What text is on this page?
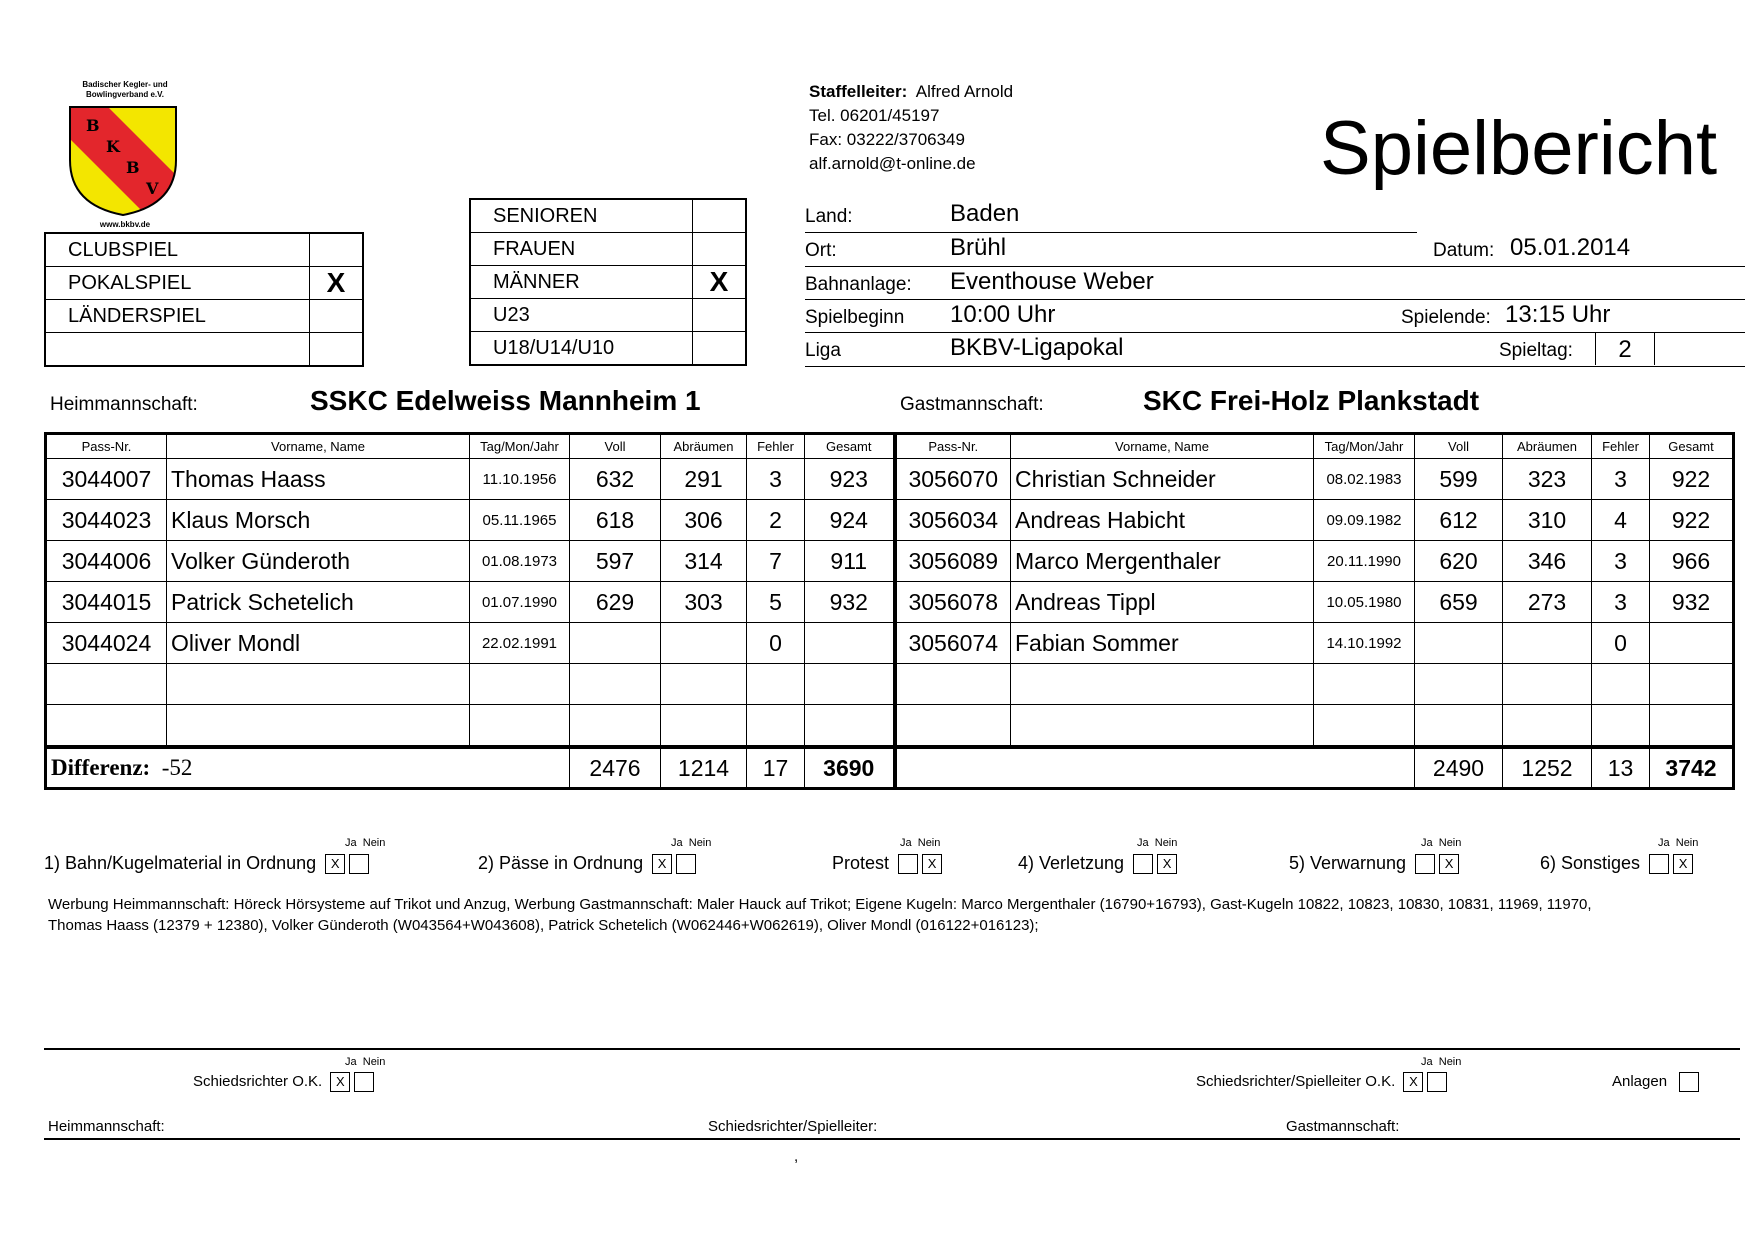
Badischer Kegler- und
Bowlingverband e.V.
B
K
B
V
www.bkbv.de
Staffelleiter: Alfred Arnold
Tel. 06201/45197
Fax: 03222/3706349
alf.arnold@t-online.de	Spielbericht
CLUBSPIEL	
POKALSPIEL	X
LÄNDERSPIEL	

SENIOREN	
FRAUEN	
MÄNNER	X
U23	
U18/U14/U10	
Land:	Baden
Ort:	Brühl	Datum: 05.01.2014
Bahnanlage: Eventhouse Weber
Spielbeginn 10:00 Uhr	Spielende: 13:15 Uhr
Liga	BKBV-Ligapokal	Spieltag:	2
Heimmannschaft:	SSKC Edelweiss Mannheim 1	Gastmannschaft:	SKC Frei-Holz Plankstadt
Pass-Nr.	Vorname, Name	Tag/Mon/Jahr	Voll	Abräumen	Fehler	Gesamt	Pass-Nr.	Vorname, Name	Tag/Mon/Jahr	Voll	Abräumen	Fehler	Gesamt
3044007	Thomas Haass	11.10.1956	632	291	3	923	3056070	Christian Schneider	08.02.1983	599	323	3	922
3044023	Klaus Morsch	05.11.1965	618	306	2	924	3056034	Andreas Habicht	09.09.1982	612	310	4	922
3044006	Volker Günderoth	01.08.1973	597	314	7	911	3056089	Marco Mergenthaler	20.11.1990	620	346	3	966
3044015	Patrick Schetelich	01.07.1990	629	303	5	932	3056078	Andreas Tippl	10.05.1980	659	273	3	932
3044024	Oliver Mondl	22.02.1991			0		3056074	Fabian Sommer	14.10.1992			0	

Differenz: -52			2476	1214	17	3690				2490	1252	13	3742
Ja Nein
1) Bahn/Kugelmaterial in Ordnung X
Ja Nein
2) Pässe in Ordnung X
Ja Nein
Protest	X
Ja Nein
4) Verletzung	X
Ja Nein
5) Verwarnung	X
Ja Nein
6) Sonstiges	X
Werbung Heimmannschaft: Höreck Hörsysteme auf Trikot und Anzug, Werbung Gastmannschaft: Maler Hauck auf Trikot; Eigene Kugeln: Marco Mergenthaler (16790+16793), Gast-Kugeln 10822, 10823, 10830, 10831, 11969, 11970,
Thomas Haass (12379 + 12380), Volker Günderoth (W043564+W043608), Patrick Schetelich (W062446+W062619), Oliver Mondl (016122+016123);
Ja Nein
Schiedsrichter O.K. X
Ja Nein
Schiedsrichter/Spielleiter O.K. X	Anlagen
Heimmannschaft:	Schiedsrichter/Spielleiter:	Gastmannschaft:
,
